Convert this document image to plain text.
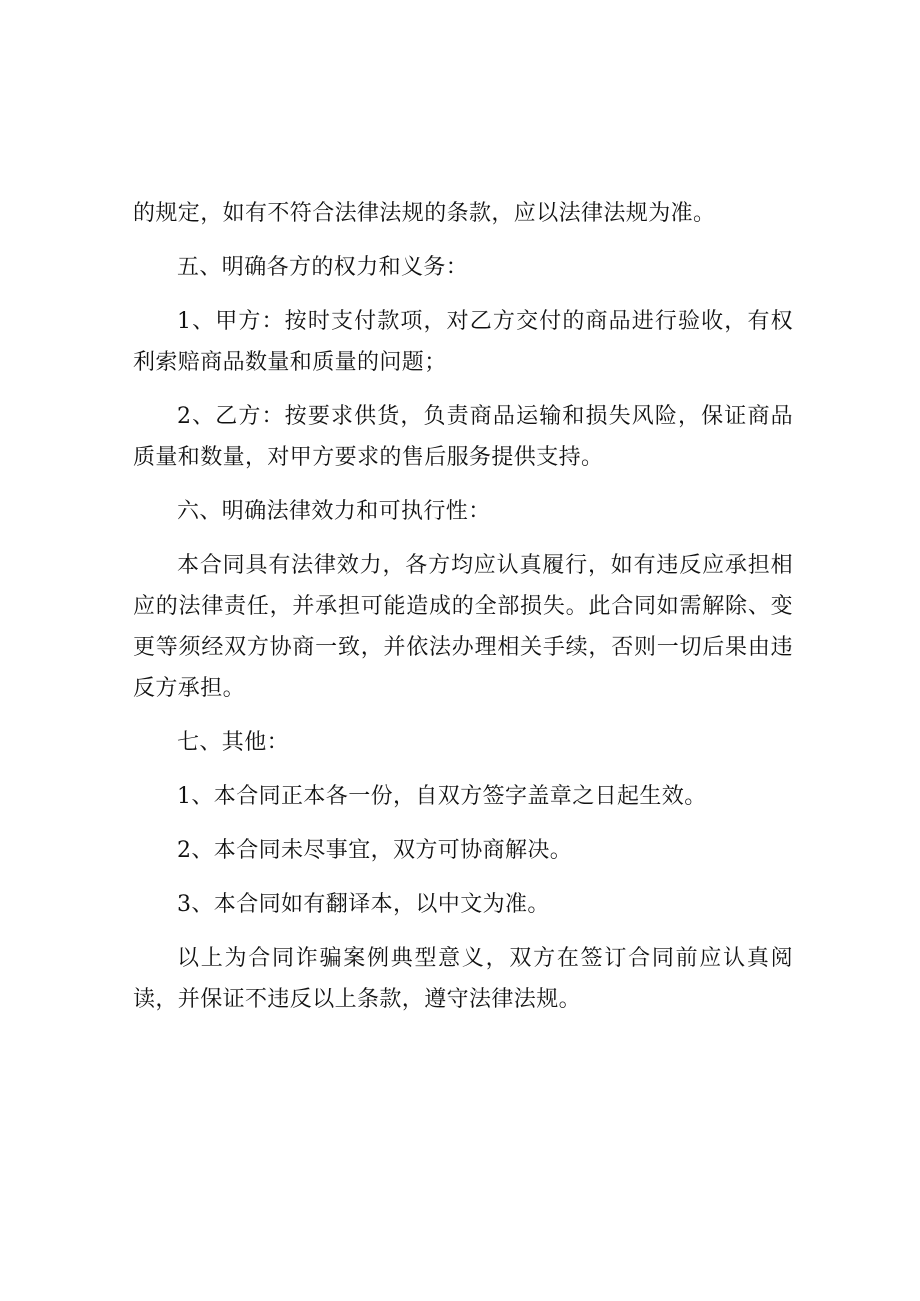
的规定，如有不符合法律法规的条款，应以法律法规为准。

五、明确各方的权力和义务：

1、甲方：按时支付款项，对乙方交付的商品进行验收，有权利索赔商品数量和质量的问题；

2、乙方：按要求供货，负责商品运输和损失风险，保证商品质量和数量，对甲方要求的售后服务提供支持。

六、明确法律效力和可执行性：

本合同具有法律效力，各方均应认真履行，如有违反应承担相应的法律责任，并承担可能造成的全部损失。此合同如需解除、变更等须经双方协商一致，并依法办理相关手续，否则一切后果由违反方承担。

七、其他：

1、本合同正本各一份，自双方签字盖章之日起生效。

2、本合同未尽事宜，双方可协商解决。

3、本合同如有翻译本，以中文为准。

以上为合同诈骗案例典型意义，双方在签订合同前应认真阅读，并保证不违反以上条款，遵守法律法规。
